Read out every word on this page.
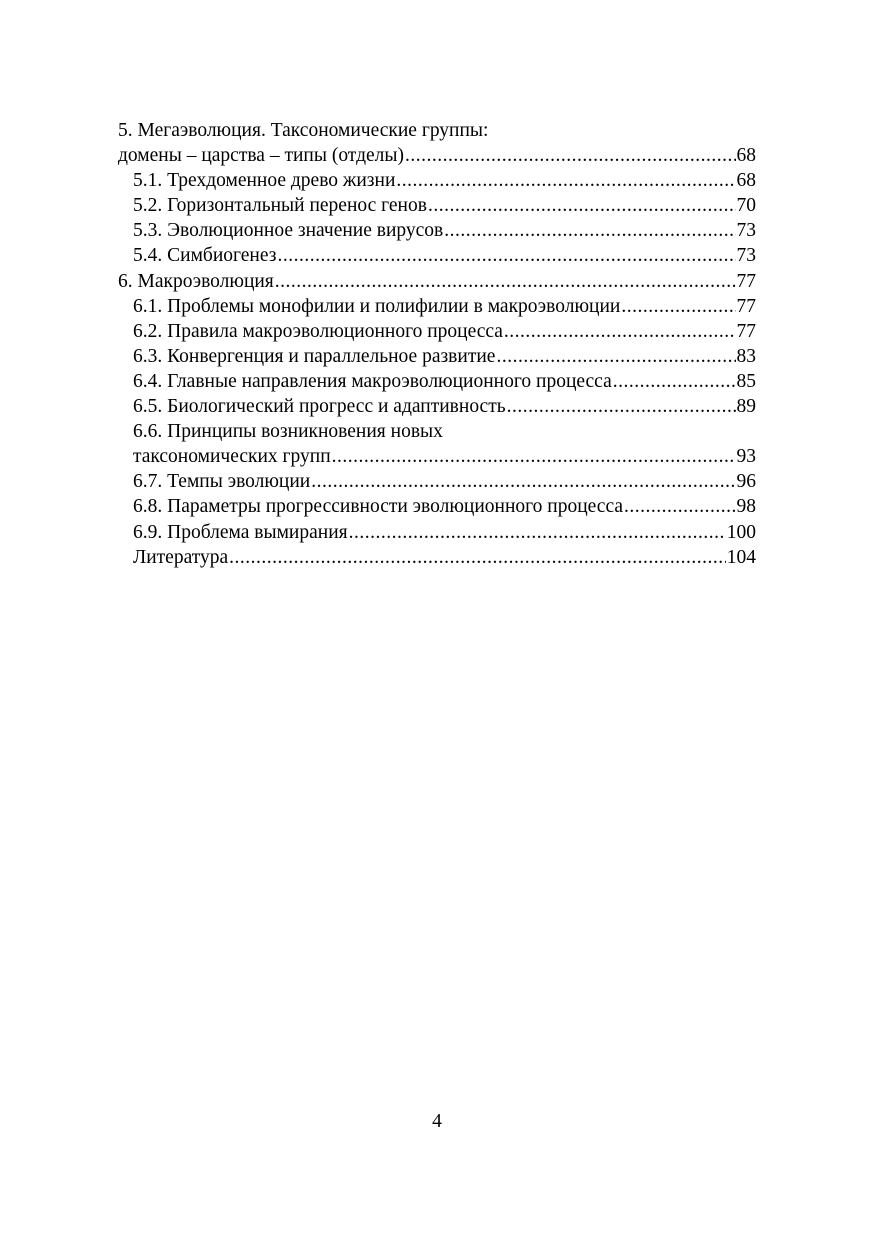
5. Мегаэволюция. Таксономические группы:
домены – царства – типы (отделы) .....	68
5.1. Трехдоменное древо жизни .....	68
5.2. Горизонтальный перенос генов .....	70
5.3. Эволюционное значение вирусов .....	73
5.4. Симбиогенез .....	73
6. Макроэволюция .....	77
6.1. Проблемы монофилии и полифилии в макроэволюции .....	77
6.2. Правила макроэволюционного процесса .....	77
6.3. Конвергенция и параллельное развитие .....	83
6.4. Главные направления макроэволюционного процесса .....	85
6.5. Биологический прогресс и адаптивность .....	89
6.6. Принципы возникновения новых
таксономических групп .....	93
6.7. Темпы эволюции .....	96
6.8. Параметры прогрессивности эволюционного процесса .....	98
6.9. Проблема вымирания .....	100
Литература .....	104
4
